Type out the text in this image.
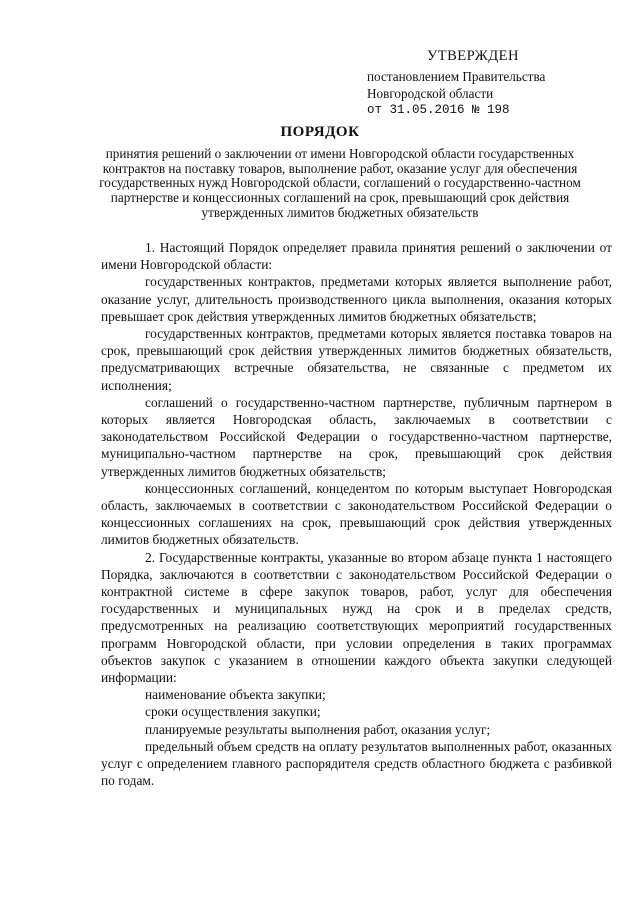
УТВЕРЖДЕН
постановлением Правительства
Новгородской области
от 31.05.2016 № 198
ПОРЯДОК
принятия решений о заключении от имени Новгородской области государственных контрактов на поставку товаров, выполнение работ, оказание услуг для обеспечения государственных нужд Новгородской области, соглашений о государственно-частном партнерстве и концессионных соглашений на срок, превышающий срок действия утвержденных лимитов бюджетных обязательств

1. Настоящий Порядок определяет правила принятия решений о заключении от имени Новгородской области:

государственных контрактов, предметами которых является выполнение работ, оказание услуг, длительность производственного цикла выполнения, оказания которых превышает срок действия утвержденных лимитов бюджетных обязательств;

государственных контрактов, предметами которых является поставка товаров на срок, превышающий срок действия утвержденных лимитов бюджетных обязательств, предусматривающих встречные обязательства, не связанные с предметом их исполнения;

соглашений о государственно-частном партнерстве, публичным партнером в которых является Новгородская область, заключаемых в соответствии с законодательством Российской Федерации о государственно-частном партнерстве, муниципально-частном партнерстве на срок, превышающий срок действия утвержденных лимитов бюджетных обязательств;

концессионных соглашений, концедентом по которым выступает Новгородская область, заключаемых в соответствии с законодательством Российской Федерации о концессионных соглашениях на срок, превышающий срок действия утвержденных лимитов бюджетных обязательств.

2. Государственные контракты, указанные во втором абзаце пункта 1 настоящего Порядка, заключаются в соответствии с законодательством Российской Федерации о контрактной системе в сфере закупок товаров, работ, услуг для обеспечения государственных и муниципальных нужд на срок и в пределах средств, предусмотренных на реализацию соответствующих мероприятий государственных программ Новгородской области, при условии определения в таких программах объектов закупок с указанием в отношении каждого объекта закупки следующей информации:

наименование объекта закупки;

сроки осуществления закупки;

планируемые результаты выполнения работ, оказания услуг;

предельный объем средств на оплату результатов выполненных работ, оказанных услуг с определением главного распорядителя средств областного бюджета с разбивкой по годам.
